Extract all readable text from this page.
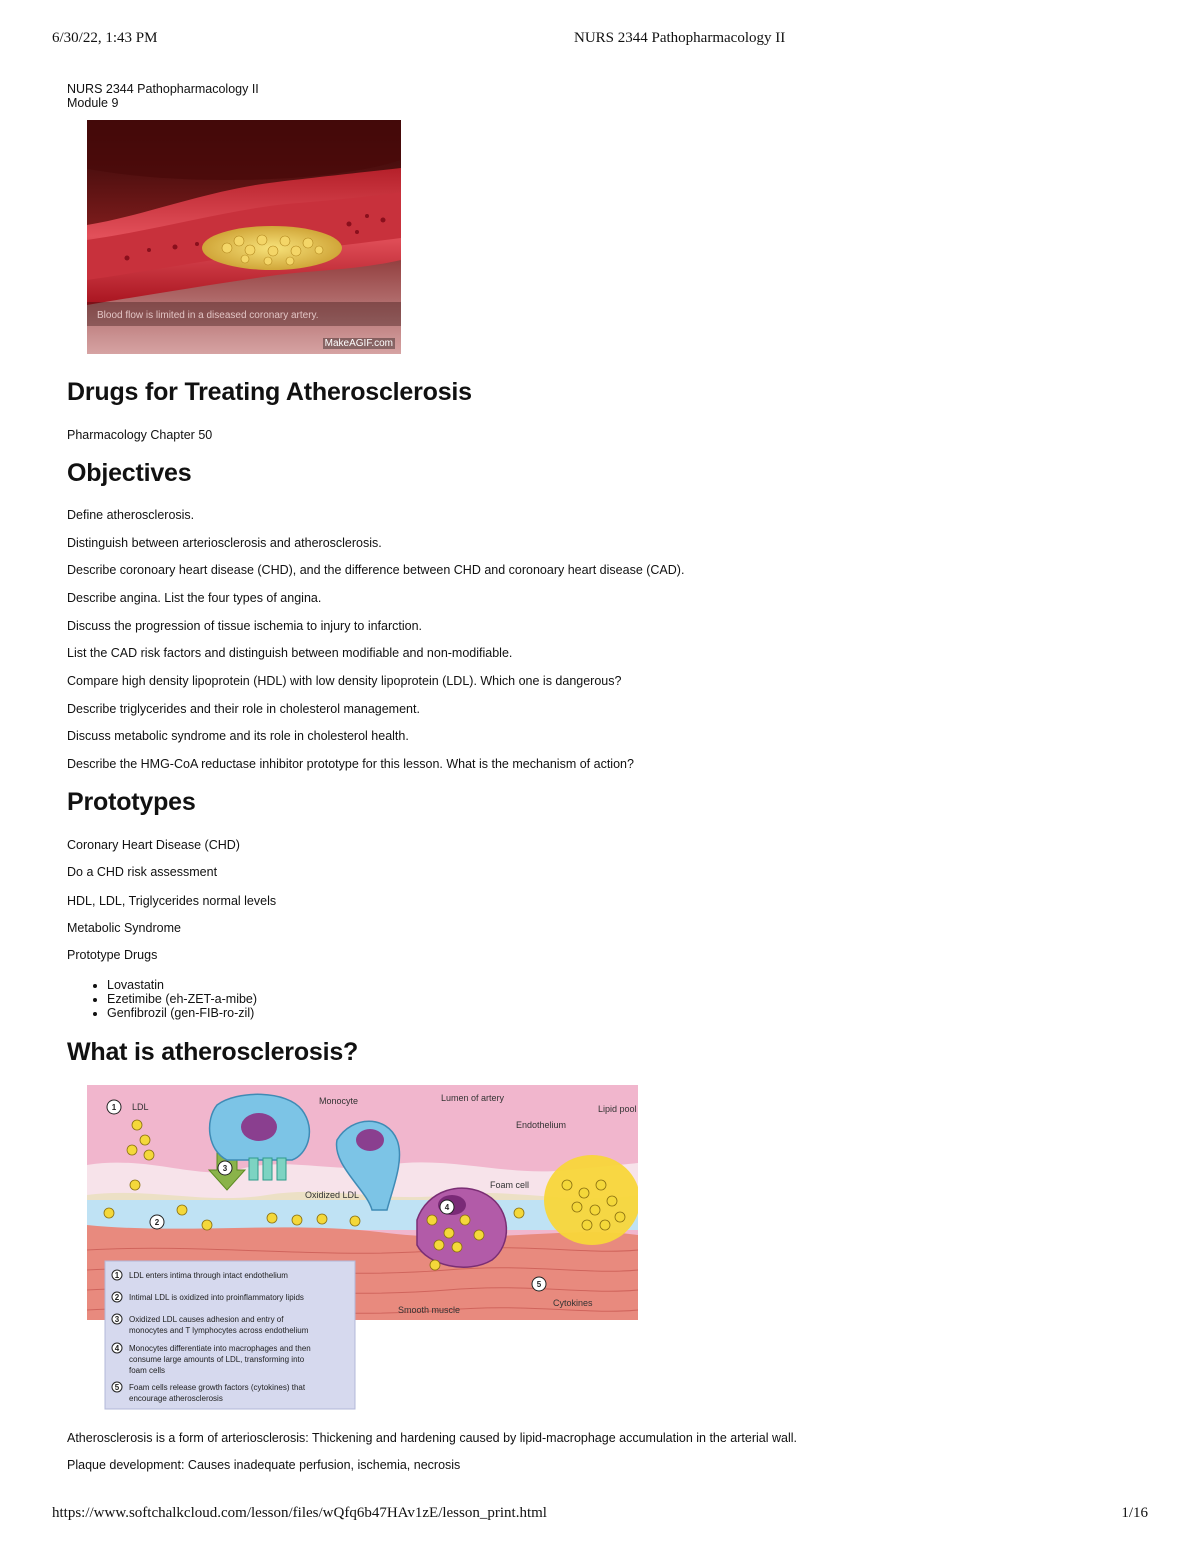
6/30/22, 1:43 PM	NURS 2344 Pathopharmacology II
NURS 2344 Pathopharmacology II
Module 9
Blood flow is limited in a diseased coronary artery.
MakeAGIF.com
Drugs for Treating Atherosclerosis

Pharmacology Chapter 50

Objectives

Define atherosclerosis.

Distinguish between arteriosclerosis and atherosclerosis.

Describe coronoary heart disease (CHD), and the difference between CHD and coronoary heart disease (CAD).

Describe angina. List the four types of angina.

Discuss the progression of tissue ischemia to injury to infarction.

List the CAD risk factors and distinguish between modifiable and non-modifiable.

Compare high density lipoprotein (HDL) with low density lipoprotein (LDL). Which one is dangerous?

Describe triglycerides and their role in cholesterol management.

Discuss metabolic syndrome and its role in cholesterol health.

Describe the HMG-CoA reductase inhibitor prototype for this lesson. What is the mechanism of action?

Prototypes

Coronary Heart Disease (CHD)

Do a CHD risk assessment

HDL, LDL, Triglycerides normal levels

Metabolic Syndrome

Prototype Drugs

• Lovastatin
• Ezetimibe (eh-ZET-a-mibe)
• Genfibrozil (gen-FIB-ro-zil)
What is atherosclerosis?
1
2
3
4
5
LDL
Monocyte	Lumen of artery
Endothelium
Lipid pool
Oxidized LDL
Foam cell
Smooth muscle
Cytokines
1 LDL enters intima through intact endothelium
2 Intimal LDL is oxidized into proinflammatory lipids
3 Oxidized LDL causes adhesion and entry of
monocytes and T lymphocytes across endothelium
4 Monocytes differentiate into macrophages and then
consume large amounts of LDL, transforming into
foam cells
5 Foam cells release growth factors (cytokines) that
encourage atherosclerosis

Atherosclerosis is a form of arteriosclerosis: Thickening and hardening caused by lipid-macrophage accumulation in the arterial wall.

Plaque development: Causes inadequate perfusion, ischemia, necrosis

https://www.softchalkcloud.com/lesson/files/wQfq6b47HAv1zE/lesson_print.html	1/16
